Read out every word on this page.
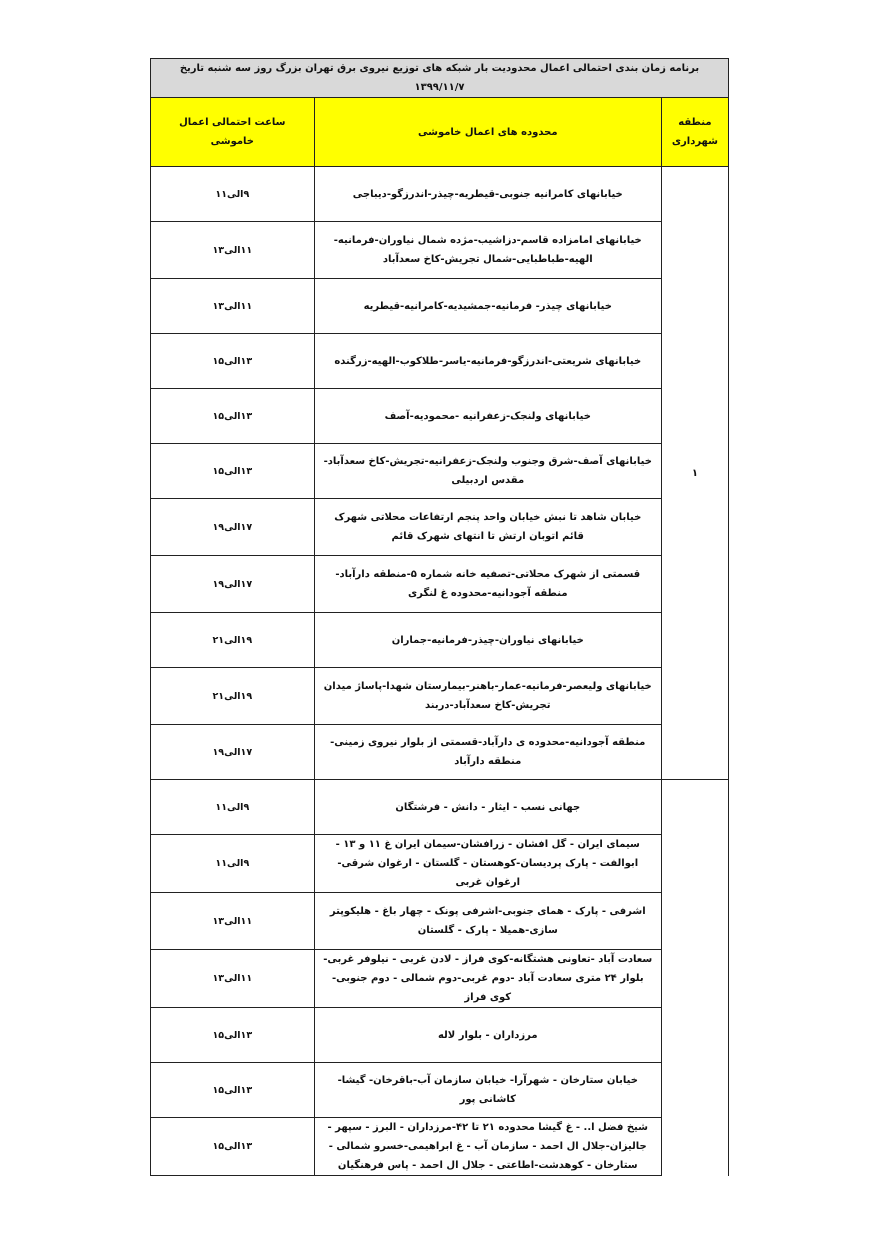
برنامه زمان بندی احتمالی اعمال محدودیت بار شبکه های توزیع نیروی برق تهران بزرگ روز سه شنبه تاریخ ۱۳۹۹/۱۱/۷		
منطقه شهرداری	محدوده های اعمال خاموشی	ساعت احتمالی اعمال خاموشی
۱	خیابانهای کامرانیه جنوبی-قیطریه-چیذر-اندرزگو-دیباجی	۹الی۱۱
	خیابانهای امامزاده قاسم-دزاشیب-مژده شمال نیاوران-فرمانیه-الهیه-طباطبایی-شمال تجریش-کاخ سعدآباد	۱۱الی۱۳
	خیابانهای چیذر- فرمانیه-جمشیدیه-کامرانیه-قیطریه	۱۱الی۱۳
	خیابانهای شریعتی-اندرزگو-فرمانیه-یاسر-طلاکوب-الهیه-زرگنده	۱۳الی۱۵
	خیابانهای ولنجک-زعفرانیه -محمودیه-آصف	۱۳الی۱۵
	خیابانهای آصف-شرق وجنوب ولنجک-زعفرانیه-تجریش-کاخ سعدآباد-مقدس اردبیلی	۱۳الی۱۵
	خیابان شاهد تا نبش خیابان واحد پنجم ارتفاعات محلاتی شهرک قائم اتوبان ارتش تا انتهای شهرک قائم	۱۷الی۱۹
	قسمتی از شهرک محلاتی-تصفیه خانه شماره ۵-منطقه دارآباد-منطقه آجودانیه-محدوده غ لنگری	۱۷الی۱۹
	خیابانهای نیاوران-چیذر-فرمانیه-جماران	۱۹الی۲۱
	خیابانهای ولیعصر-فرمانیه-عمار-باهنر-بیمارستان شهدا-پاساژ میدان تجریش-کاخ سعدآباد-دربند	۱۹الی۲۱
	منطقه آجودانیه-محدوده ی دارآباد-قسمتی از بلوار نیروی زمینی-منطقه دارآباد	۱۷الی۱۹
	جهانی نسب - ایثار - دانش - فرشتگان	۹الی۱۱
	سیمای ایران - گل افشان - زرافشان-سیمان ایران غ ۱۱ و ۱۳ - ابوالفت - پارک پردیسان-کوهستان - گلستان - ارغوان شرقی-ارغوان غربی	۹الی۱۱
	اشرفی - پارک - همای جنوبی-اشرفی پونک - چهار باغ - هلیکوپتر سازی-همیلا - پارک - گلستان	۱۱الی۱۳
	سعادت آباد -تعاونی هشتگانه-کوی فراز - لادن غربی - نیلوفر غربی-بلوار ۲۴ متری سعادت آباد -دوم غربی-دوم شمالی - دوم جنوبی- کوی فراز	۱۱الی۱۳
	مرزداران - بلوار لاله	۱۳الی۱۵
	خیابان ستارخان - شهرآرا- خیابان سازمان آب-باقرخان- گیشا- کاشانی پور	۱۳الی۱۵
	شیخ فضل ا.. - غ گیشا محدوده ۲۱ تا ۴۲-مرزداران - البرز - سپهر - جالیزان-جلال ال احمد - سازمان آب - غ ابراهیمی-خسرو شمالی - ستارخان - کوهدشت-اطاعتی - جلال ال احمد - پاس فرهنگیان	۱۳الی۱۵
